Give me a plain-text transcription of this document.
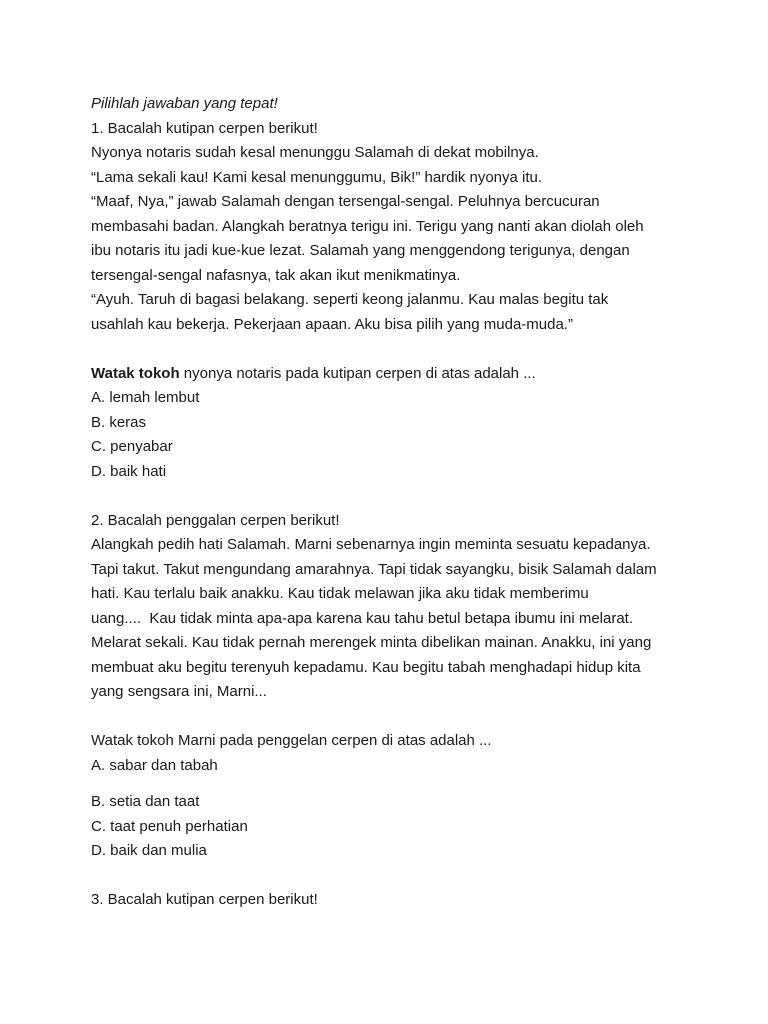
Pilihlah jawaban yang tepat!
1. Bacalah kutipan cerpen berikut!
Nyonya notaris sudah kesal menunggu Salamah di dekat mobilnya.
“Lama sekali kau! Kami kesal menunggumu, Bik!” hardik nyonya itu.
“Maaf, Nya,” jawab Salamah dengan tersengal-sengal. Peluhnya bercucuran
membasahi badan. Alangkah beratnya terigu ini. Terigu yang nanti akan diolah oleh
ibu notaris itu jadi kue-kue lezat. Salamah yang menggendong terigunya, dengan
tersengal-sengal nafasnya, tak akan ikut menikmatinya.
“Ayuh. Taruh di bagasi belakang. seperti keong jalanmu. Kau malas begitu tak
usahlah kau bekerja. Pekerjaan apaan. Aku bisa pilih yang muda-muda.”
Watak tokoh nyonya notaris pada kutipan cerpen di atas adalah ...
A. lemah lembut
B. keras
C. penyabar
D. baik hati
2. Bacalah penggalan cerpen berikut!
Alangkah pedih hati Salamah. Marni sebenarnya ingin meminta sesuatu kepadanya.
Tapi takut. Takut mengundang amarahnya. Tapi tidak sayangku, bisik Salamah dalam
hati. Kau terlalu baik anakku. Kau tidak melawan jika aku tidak memberimu
uang....  Kau tidak minta apa-apa karena kau tahu betul betapa ibumu ini melarat.
Melarat sekali. Kau tidak pernah merengek minta dibelikan mainan. Anakku, ini yang
membuat aku begitu terenyuh kepadamu. Kau begitu tabah menghadapi hidup kita
yang sengsara ini, Marni...
Watak tokoh Marni pada penggelan cerpen di atas adalah ...
A. sabar dan tabah
B. setia dan taat
C. taat penuh perhatian
D. baik dan mulia
3. Bacalah kutipan cerpen berikut!
